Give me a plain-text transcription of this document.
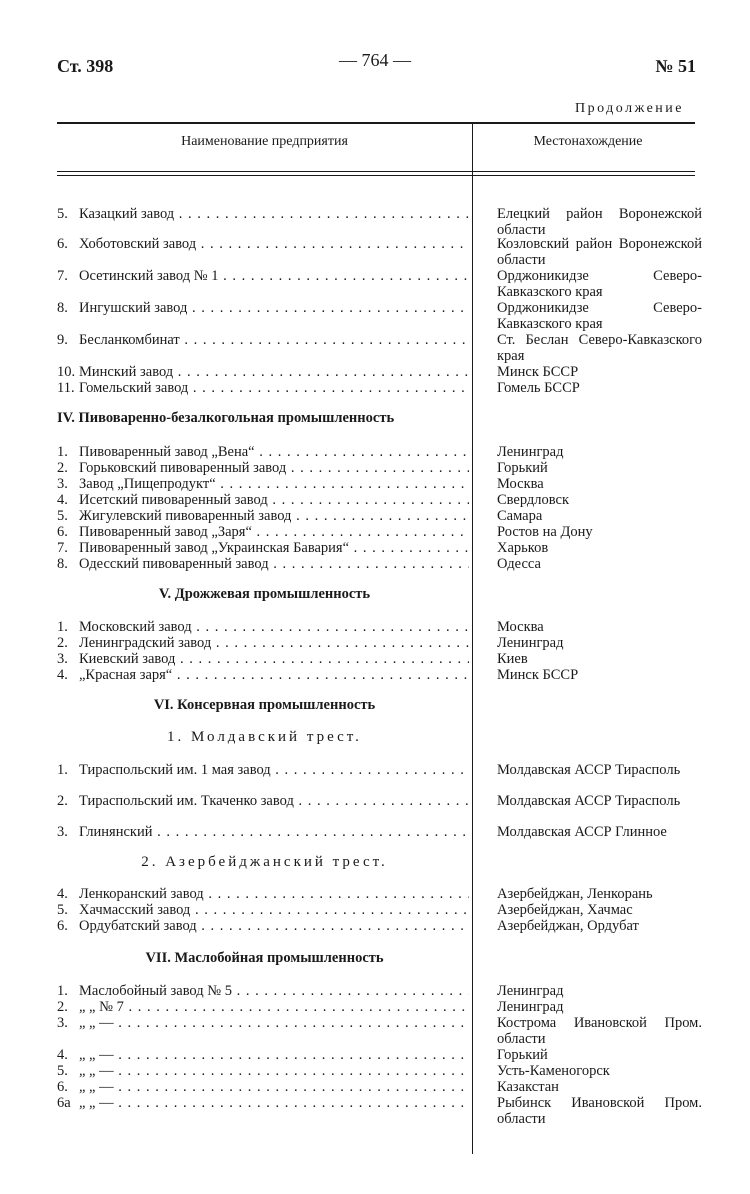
Ст. 398	— 764 —	№ 51
Продолжение
Наименование предприятия	Местонахождение
5. Казацкий завод . . .	Елецкий район Воронежской области
6. Хоботовский завод . . .	Козловский район Воронежской области
7. Осетинский завод № 1 . . .	Орджоникидзе Северо-Кавказского края
8. Ингушский завод . . .	Орджоникидзе Северо-Кавказского края
9. Бесланкомбинат . . .	Ст. Беслан Северо-Кавказского края
10. Минский завод . . .	Минск БССР
11. Гомельский завод . . .	Гомель БССР
IV. Пивоваренно-безалкогольная промышленность
1. Пивоваренный завод „Вена“ . . .	Ленинград
2. Горьковский пивоваренный завод . . .	Горький
3. Завод „Пищепродукт“ . . .	Москва
4. Исетский пивоваренный завод . . .	Свердловск
5. Жигулевский пивоваренный завод . . .	Самара
6. Пивоваренный завод „Заря“ . . .	Ростов на Дону
7. Пивоваренный завод „Украинская Бавария“ . . .	Харьков
8. Одесский пивоваренный завод . . .	Одесса
V. Дрожжевая промышленность
1. Московский завод . . .	Москва
2. Ленинградский завод . . .	Ленинград
3. Киевский завод . . .	Киев
4. „Красная заря“ . . .	Минск БССР
VI. Консервная промышленность
1. Молдавский трест.
1. Тираспольский им. 1 мая завод . . .	Молдавская АССР Тирасполь
2. Тираспольский им. Ткаченко завод . . .	Молдавская АССР Тирасполь
3. Глинянский . . .	Молдавская АССР Глинное
2. Азербейджанский трест.
4. Ленкоранский завод . . .	Азербейджан, Ленкорань
5. Хачмасский завод . . .	Азербейджан, Хачмас
6. Ордубатский завод . . .	Азербейджан, Ордубат
VII. Маслобойная промышленность
1. Маслобойный завод № 5 . . .	Ленинград
2. „ „ № 7 . . .	Ленинград
3. „ „ — . . .	Кострома Ивановской Пром. области
4. „ „ — . . .	Горький
5. „ „ — . . .	Усть-Каменогорск
6. „ „ — . . .	Казакстан
6а „ „ — . . .	Рыбинск Ивановской Пром. области
